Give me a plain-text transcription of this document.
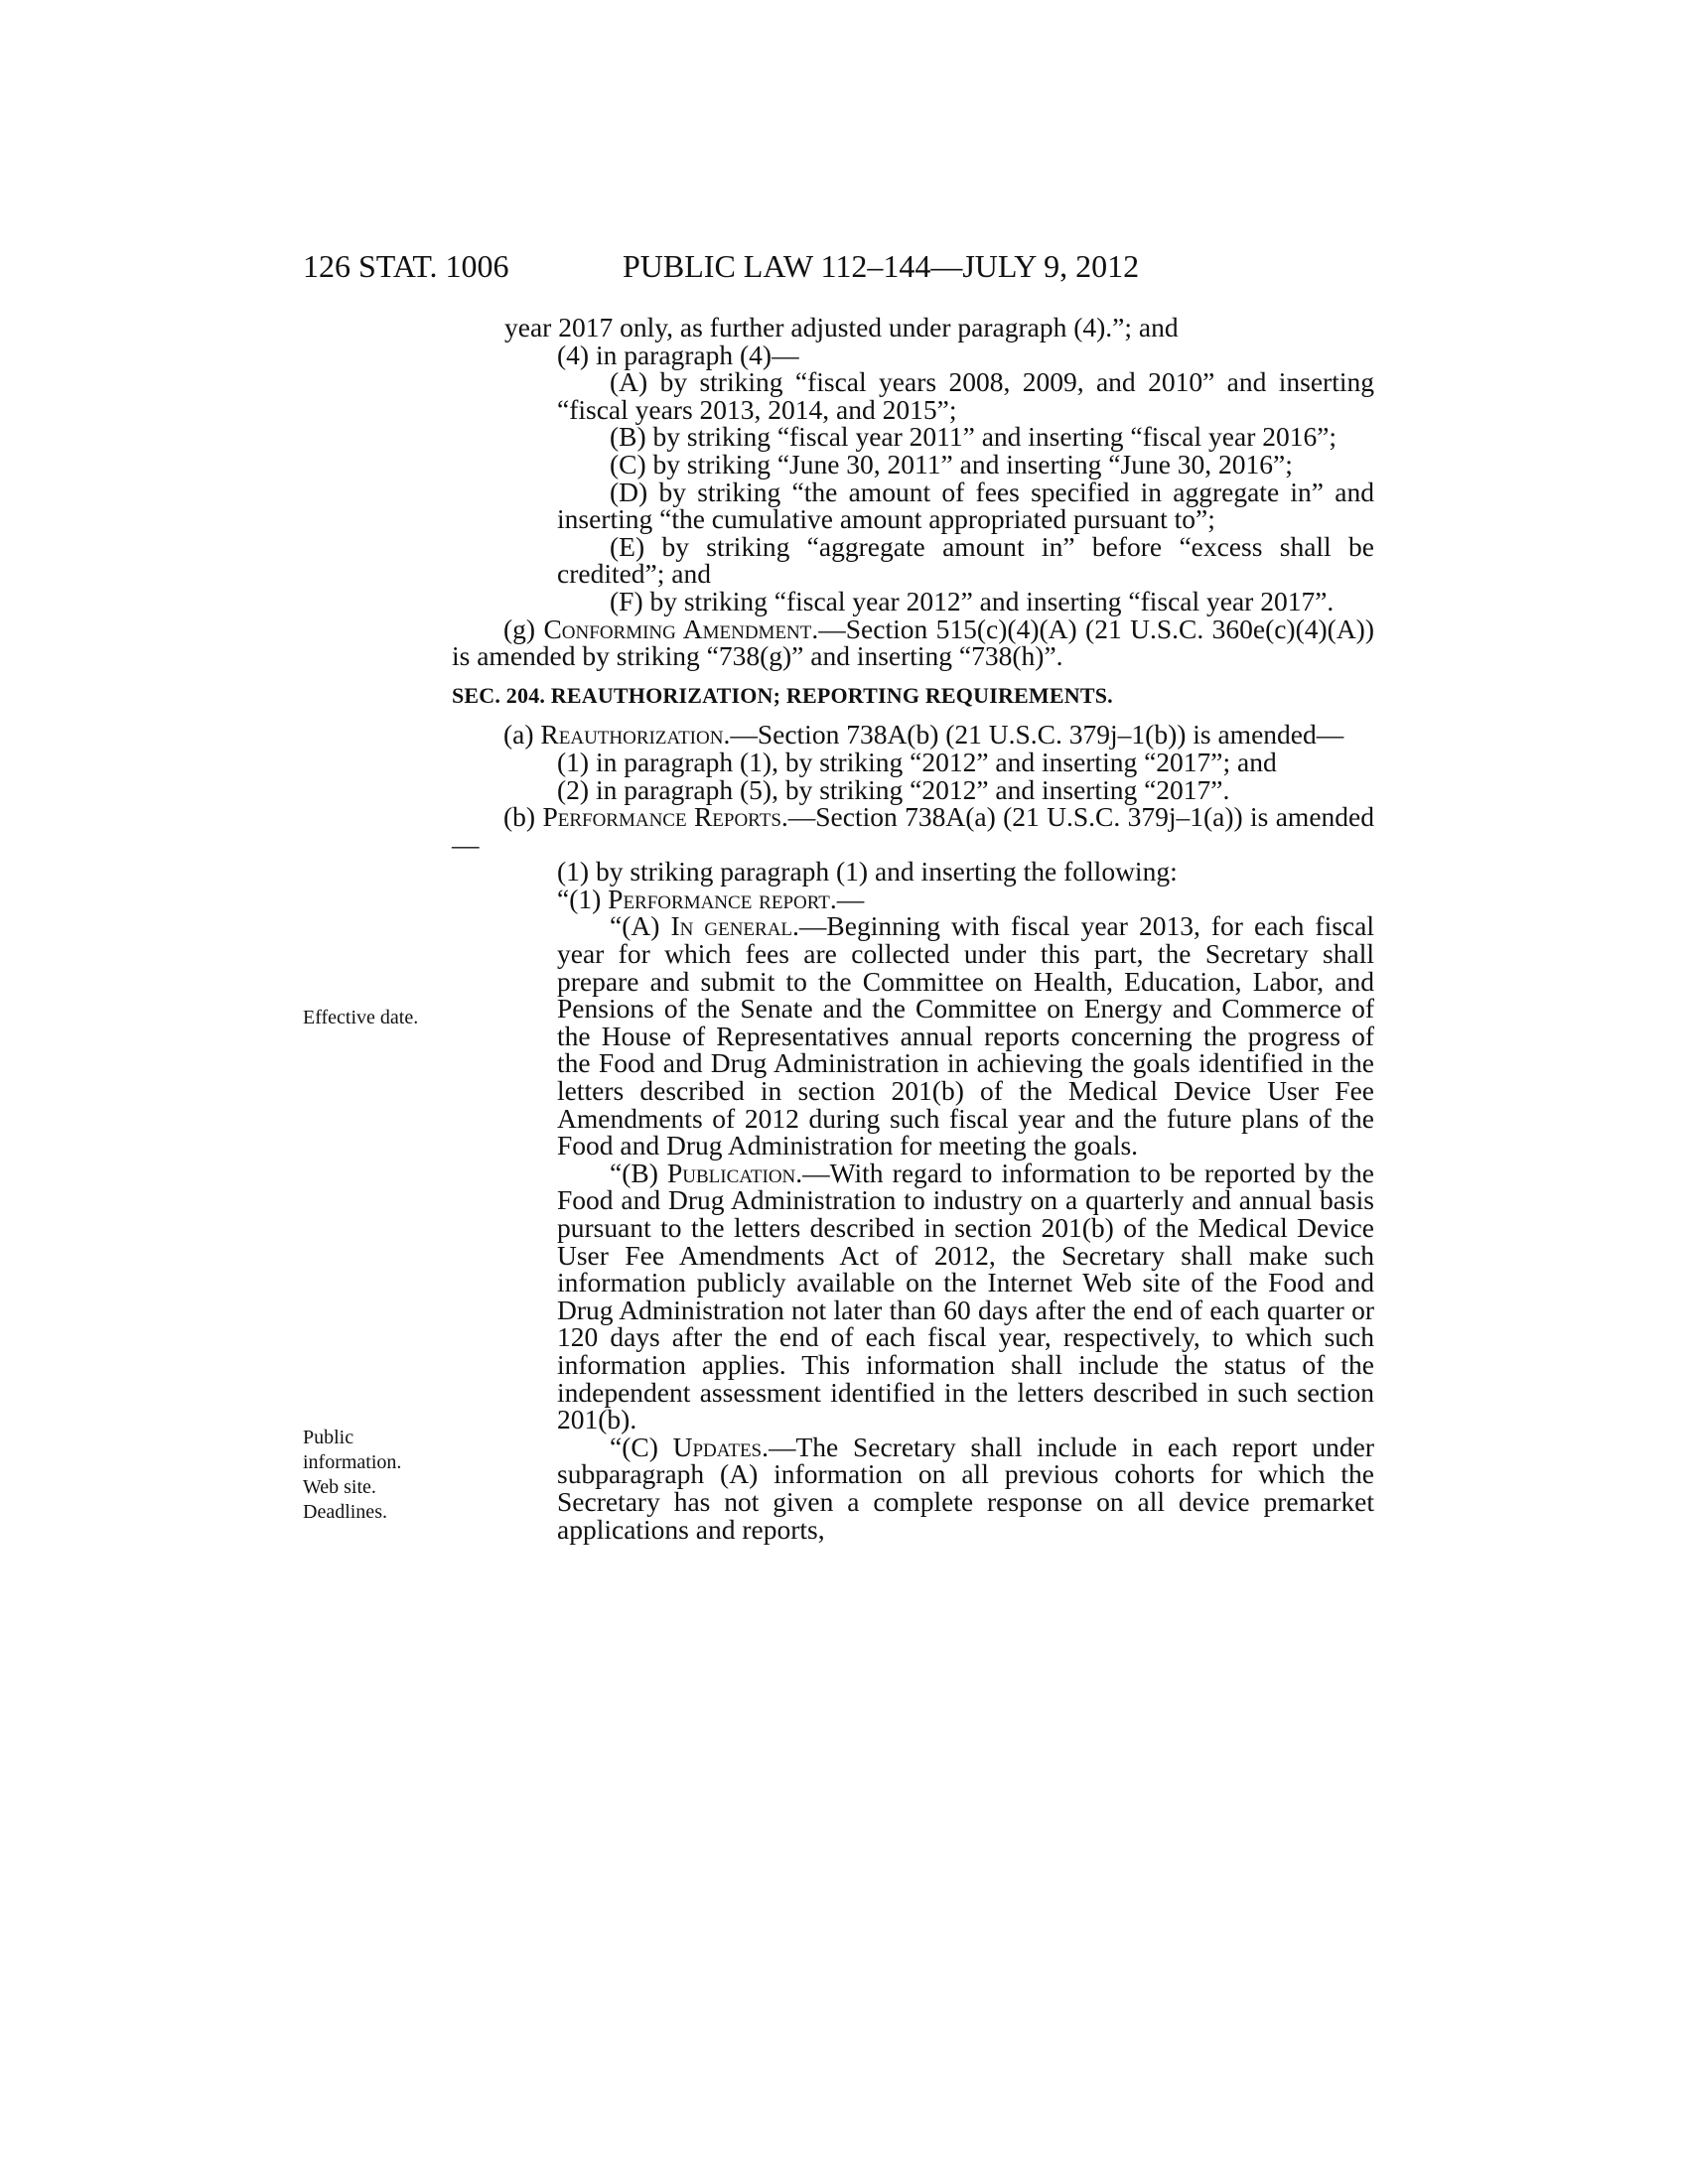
126 STAT. 1006	PUBLIC LAW 112–144—JULY 9, 2012
Effective date.
Public
information.
Web site.
Deadlines.

year 2017 only, as further adjusted under paragraph (4).”; and

(4) in paragraph (4)—

(A) by striking “fiscal years 2008, 2009, and 2010” and inserting “fiscal years 2013, 2014, and 2015”;

(B) by striking “fiscal year 2011” and inserting “fiscal year 2016”;

(C) by striking “June 30, 2011” and inserting “June 30, 2016”;

(D) by striking “the amount of fees specified in aggregate in” and inserting “the cumulative amount appropriated pursuant to”;

(E) by striking “aggregate amount in” before “excess shall be credited”; and

(F) by striking “fiscal year 2012” and inserting “fiscal year 2017”.

(g) Conforming Amendment.—Section 515(c)(4)(A) (21 U.S.C. 360e(c)(4)(A)) is amended by striking “738(g)” and inserting “738(h)”.

SEC. 204. REAUTHORIZATION; REPORTING REQUIREMENTS.

(a) Reauthorization.—Section 738A(b) (21 U.S.C. 379j–1(b)) is amended—

(1) in paragraph (1), by striking “2012” and inserting “2017”; and

(2) in paragraph (5), by striking “2012” and inserting “2017”.

(b) Performance Reports.—Section 738A(a) (21 U.S.C. 379j–1(a)) is amended—

(1) by striking paragraph (1) and inserting the following:

“(1) Performance report.—

“(A) In general.—Beginning with fiscal year 2013, for each fiscal year for which fees are collected under this part, the Secretary shall prepare and submit to the Committee on Health, Education, Labor, and Pensions of the Senate and the Committee on Energy and Commerce of the House of Representatives annual reports concerning the progress of the Food and Drug Administration in achieving the goals identified in the letters described in section 201(b) of the Medical Device User Fee Amendments of 2012 during such fiscal year and the future plans of the Food and Drug Administration for meeting the goals.

“(B) Publication.—With regard to information to be reported by the Food and Drug Administration to industry on a quarterly and annual basis pursuant to the letters described in section 201(b) of the Medical Device User Fee Amendments Act of 2012, the Secretary shall make such information publicly available on the Internet Web site of the Food and Drug Administration not later than 60 days after the end of each quarter or 120 days after the end of each fiscal year, respectively, to which such information applies. This information shall include the status of the independent assessment identified in the letters described in such section 201(b).

“(C) Updates.—The Secretary shall include in each report under subparagraph (A) information on all previous cohorts for which the Secretary has not given a complete response on all device premarket applications and reports,
